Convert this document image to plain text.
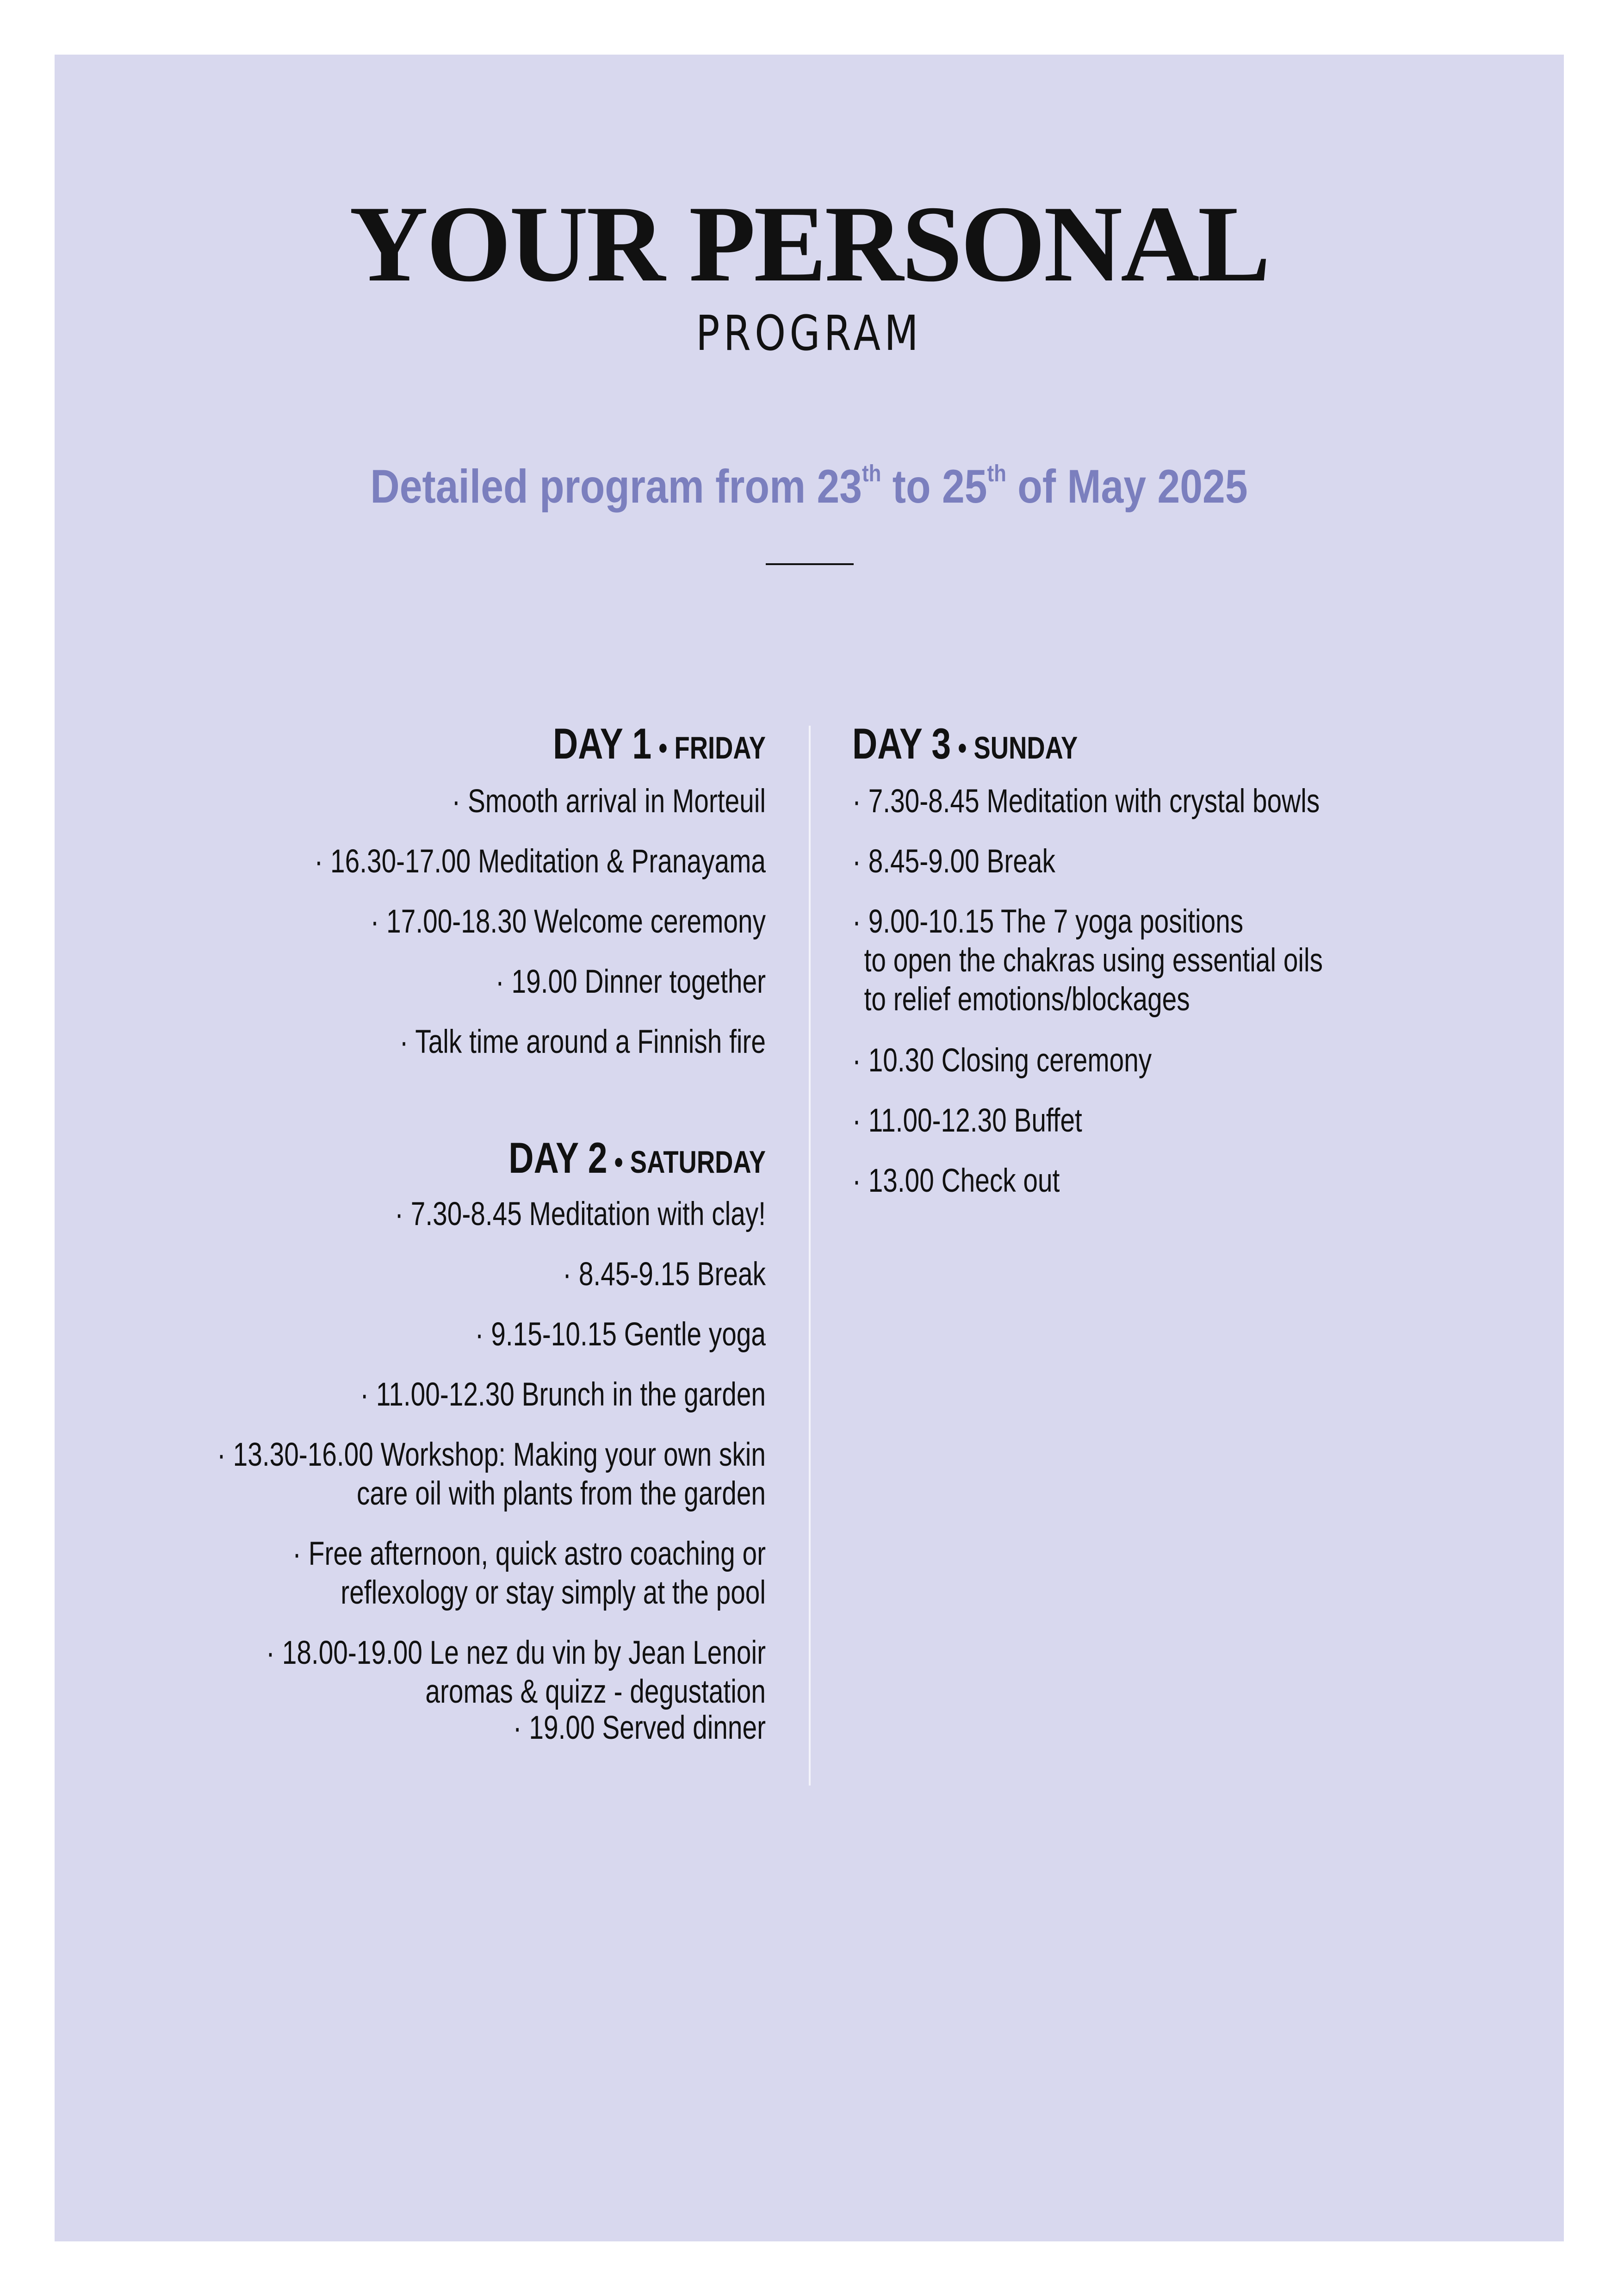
YOUR PERSONAL
PROGRAM
Detailed program from 23th to 25th of May 2025
DAY 1 • FRIDAY
· Smooth arrival in Morteuil
· 16.30-17.00 Meditation & Pranayama
· 17.00-18.30 Welcome ceremony
· 19.00 Dinner together
· Talk time around a Finnish fire
DAY 2 • SATURDAY
· 7.30-8.45 Meditation with clay!
· 8.45-9.15 Break
· 9.15-10.15 Gentle yoga
· 11.00-12.30 Brunch in the garden
· 13.30-16.00 Workshop: Making your own skin
care oil with plants from the garden
· Free afternoon, quick astro coaching or
reflexology or stay simply at the pool
· 18.00-19.00 Le nez du vin by Jean Lenoir
aromas & quizz - degustation
· 19.00 Served dinner
DAY 3 • SUNDAY
· 7.30-8.45 Meditation with crystal bowls
· 8.45-9.00 Break
· 9.00-10.15 The 7 yoga positions
to open the chakras using essential oils
to relief emotions/blockages
· 10.30 Closing ceremony
· 11.00-12.30 Buffet
· 13.00 Check out
